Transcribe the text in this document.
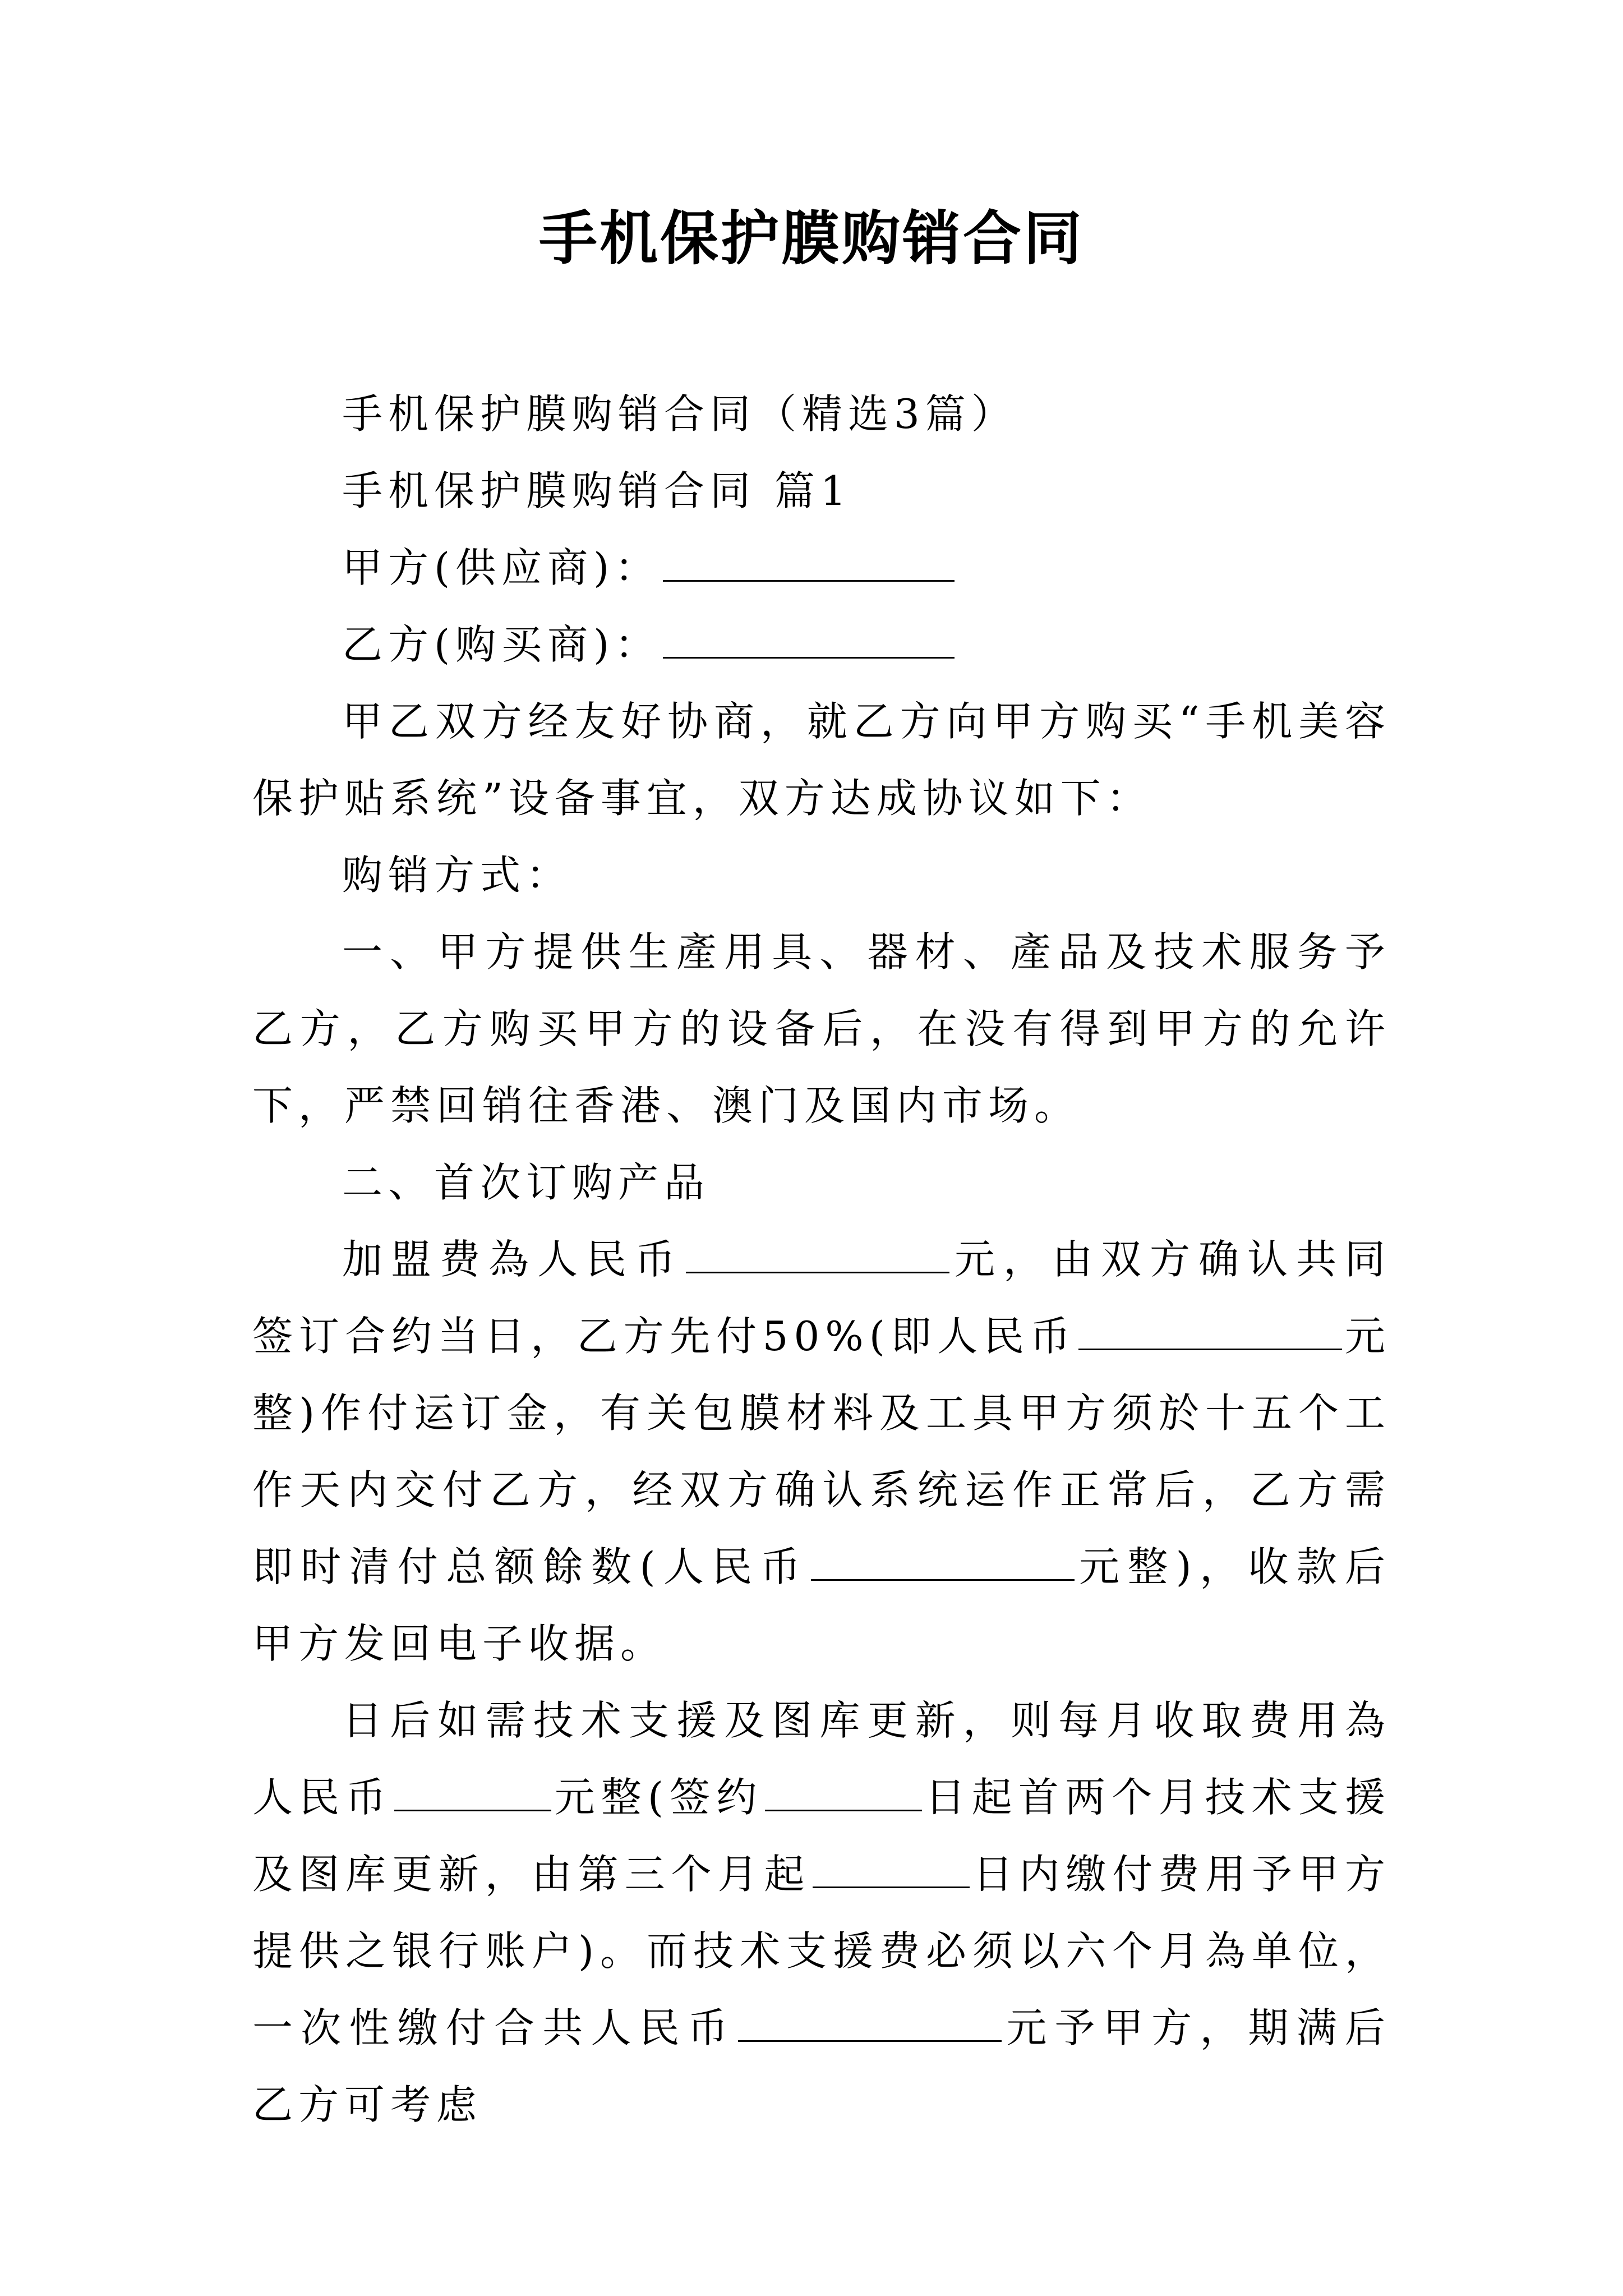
手机保护膜购销合同

手机保护膜购销合同（精选3篇）

手机保护膜购销合同 篇1

甲方(供应商)：

乙方(购买商)：

甲乙双方经友好协商，就乙方向甲方购买“手机美容保护贴系统”设备事宜，双方达成协议如下：

购销方式：

一、甲方提供生產用具、器材、產品及技术服务予乙方，乙方购买甲方的设备后，在没有得到甲方的允许下，严禁回销往香港、澳门及国内市场。

二、首次订购产品

加盟费為人民币	元，由双方确认共同签订合约当日，乙方先付50%(即人民币	元整)作付运订金，有关包膜材料及工具甲方须於十五个工作天内交付乙方，经双方确认系统运作正常后，乙方需即时清付总额餘数(人民币	元整)，收款后甲方发回电子收据。

日后如需技术支援及图库更新，则每月收取费用為人民币	元整(签约	日起首两个月技术支援及图库更新，由第三个月起	日内缴付费用予甲方提供之银行账户)。而技术支援费必须以六个月為单位，一次性缴付合共人民币	元予甲方，期满后乙方可考虑
